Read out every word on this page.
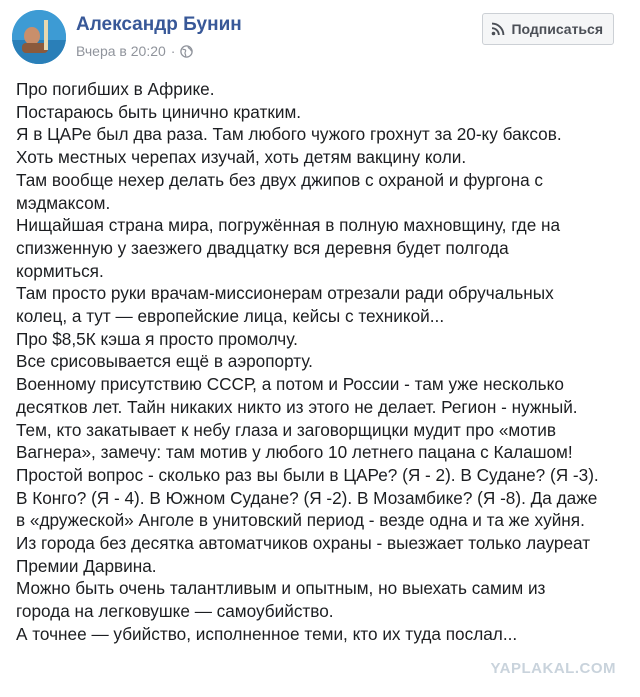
Александр Бунин
Вчера в 20:20 ·
Подписаться
Про погибших в Африке.
Постараюсь быть цинично кратким.
Я в ЦАРе был два раза. Там любого чужого грохнут за 20-ку баксов.
Хоть местных черепах изучай, хоть детям вакцину коли.
Там вообще нехер делать без двух джипов с охраной и фургона с
мэдмаксом.
Нищайшая страна мира, погружённая в полную махновщину, где на
спизженную у заезжего двадцатку вся деревня будет полгода
кормиться.
Там просто руки врачам-миссионерам отрезали ради обручальных
колец, а тут — европейские лица, кейсы с техникой...
Про $8,5К кэша я просто промолчу.
Все срисовывается ещё в аэропорту.
Военному присутствию СССР, а потом и России - там уже несколько
десятков лет. Тайн никаких никто из этого не делает. Регион - нужный.
Тем, кто закатывает к небу глаза и заговорщицки мудит про «мотив
Вагнера», замечу: там мотив у любого 10 летнего пацана с Калашом!
Простой вопрос - сколько раз вы были в ЦАРе? (Я - 2). В Судане? (Я -3).
В Конго? (Я - 4). В Южном Судане? (Я -2). В Мозамбике? (Я -8). Да даже
в «дружеской» Анголе в унитовский период - везде одна и та же хуйня.
Из города без десятка автоматчиков охраны - выезжает только лауреат
Премии Дарвина.
Можно быть очень талантливым и опытным, но выехать самим из
города на легковушке — самоубийство.
А точнее — убийство, исполненное теми, кто их туда послал...
YAPLAKAL.COM
